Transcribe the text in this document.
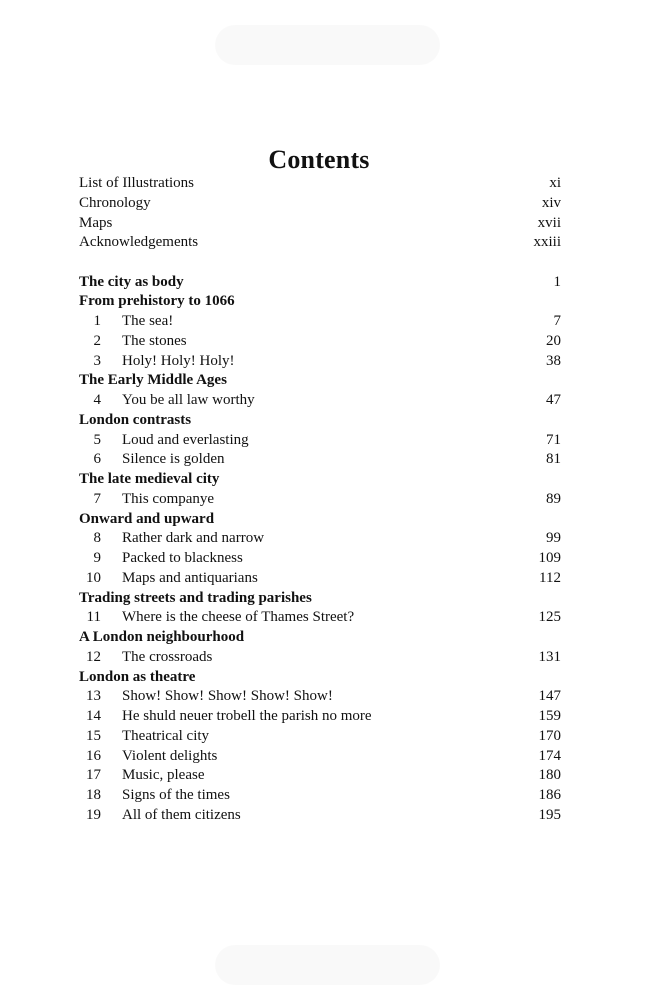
Contents
List of Illustrations	xi
Chronology	xiv
Maps	xvii
Acknowledgements	xxiii
The city as body	1
From prehistory to 1066
1 The sea!	7
2 The stones	20
3 Holy! Holy! Holy!	38
The Early Middle Ages
4 You be all law worthy	47
London contrasts
5 Loud and everlasting	71
6 Silence is golden	81
The late medieval city
7 This companye	89
Onward and upward
8 Rather dark and narrow	99
9 Packed to blackness	109
10 Maps and antiquarians	112
Trading streets and trading parishes
11 Where is the cheese of Thames Street?	125
A London neighbourhood
12 The crossroads	131
London as theatre
13 Show! Show! Show! Show! Show!	147
14 He shuld neuer trobell the parish no more	159
15 Theatrical city	170
16 Violent delights	174
17 Music, please	180
18 Signs of the times	186
19 All of them citizens	195
